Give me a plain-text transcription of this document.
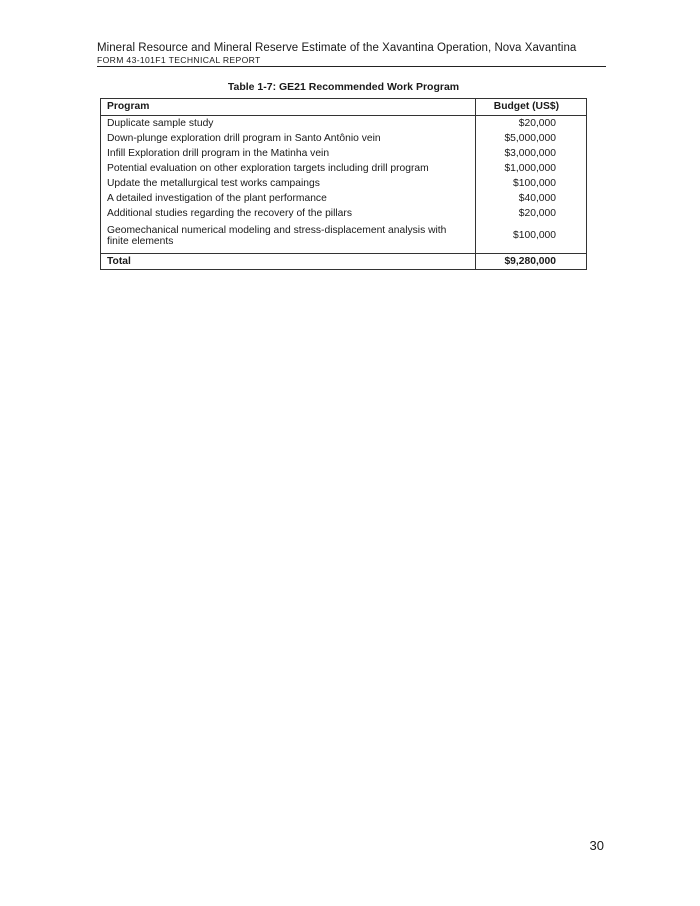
Mineral Resource and Mineral Reserve Estimate of the Xavantina Operation, Nova Xavantina
FORM 43-101F1 TECHNICAL REPORT
Table 1-7: GE21 Recommended Work Program
Program	Budget (US$)
Duplicate sample study	$20,000
Down-plunge exploration drill program in Santo Antônio vein	$5,000,000
Infill Exploration drill program in the Matinha vein	$3,000,000
Potential evaluation on other exploration targets including drill program	$1,000,000
Update the metallurgical test works campaings	$100,000
A detailed investigation of the plant performance	$40,000
Additional studies regarding the recovery of the pillars	$20,000
Geomechanical numerical modeling and stress-displacement analysis with finite elements	$100,000
Total	$9,280,000
30
